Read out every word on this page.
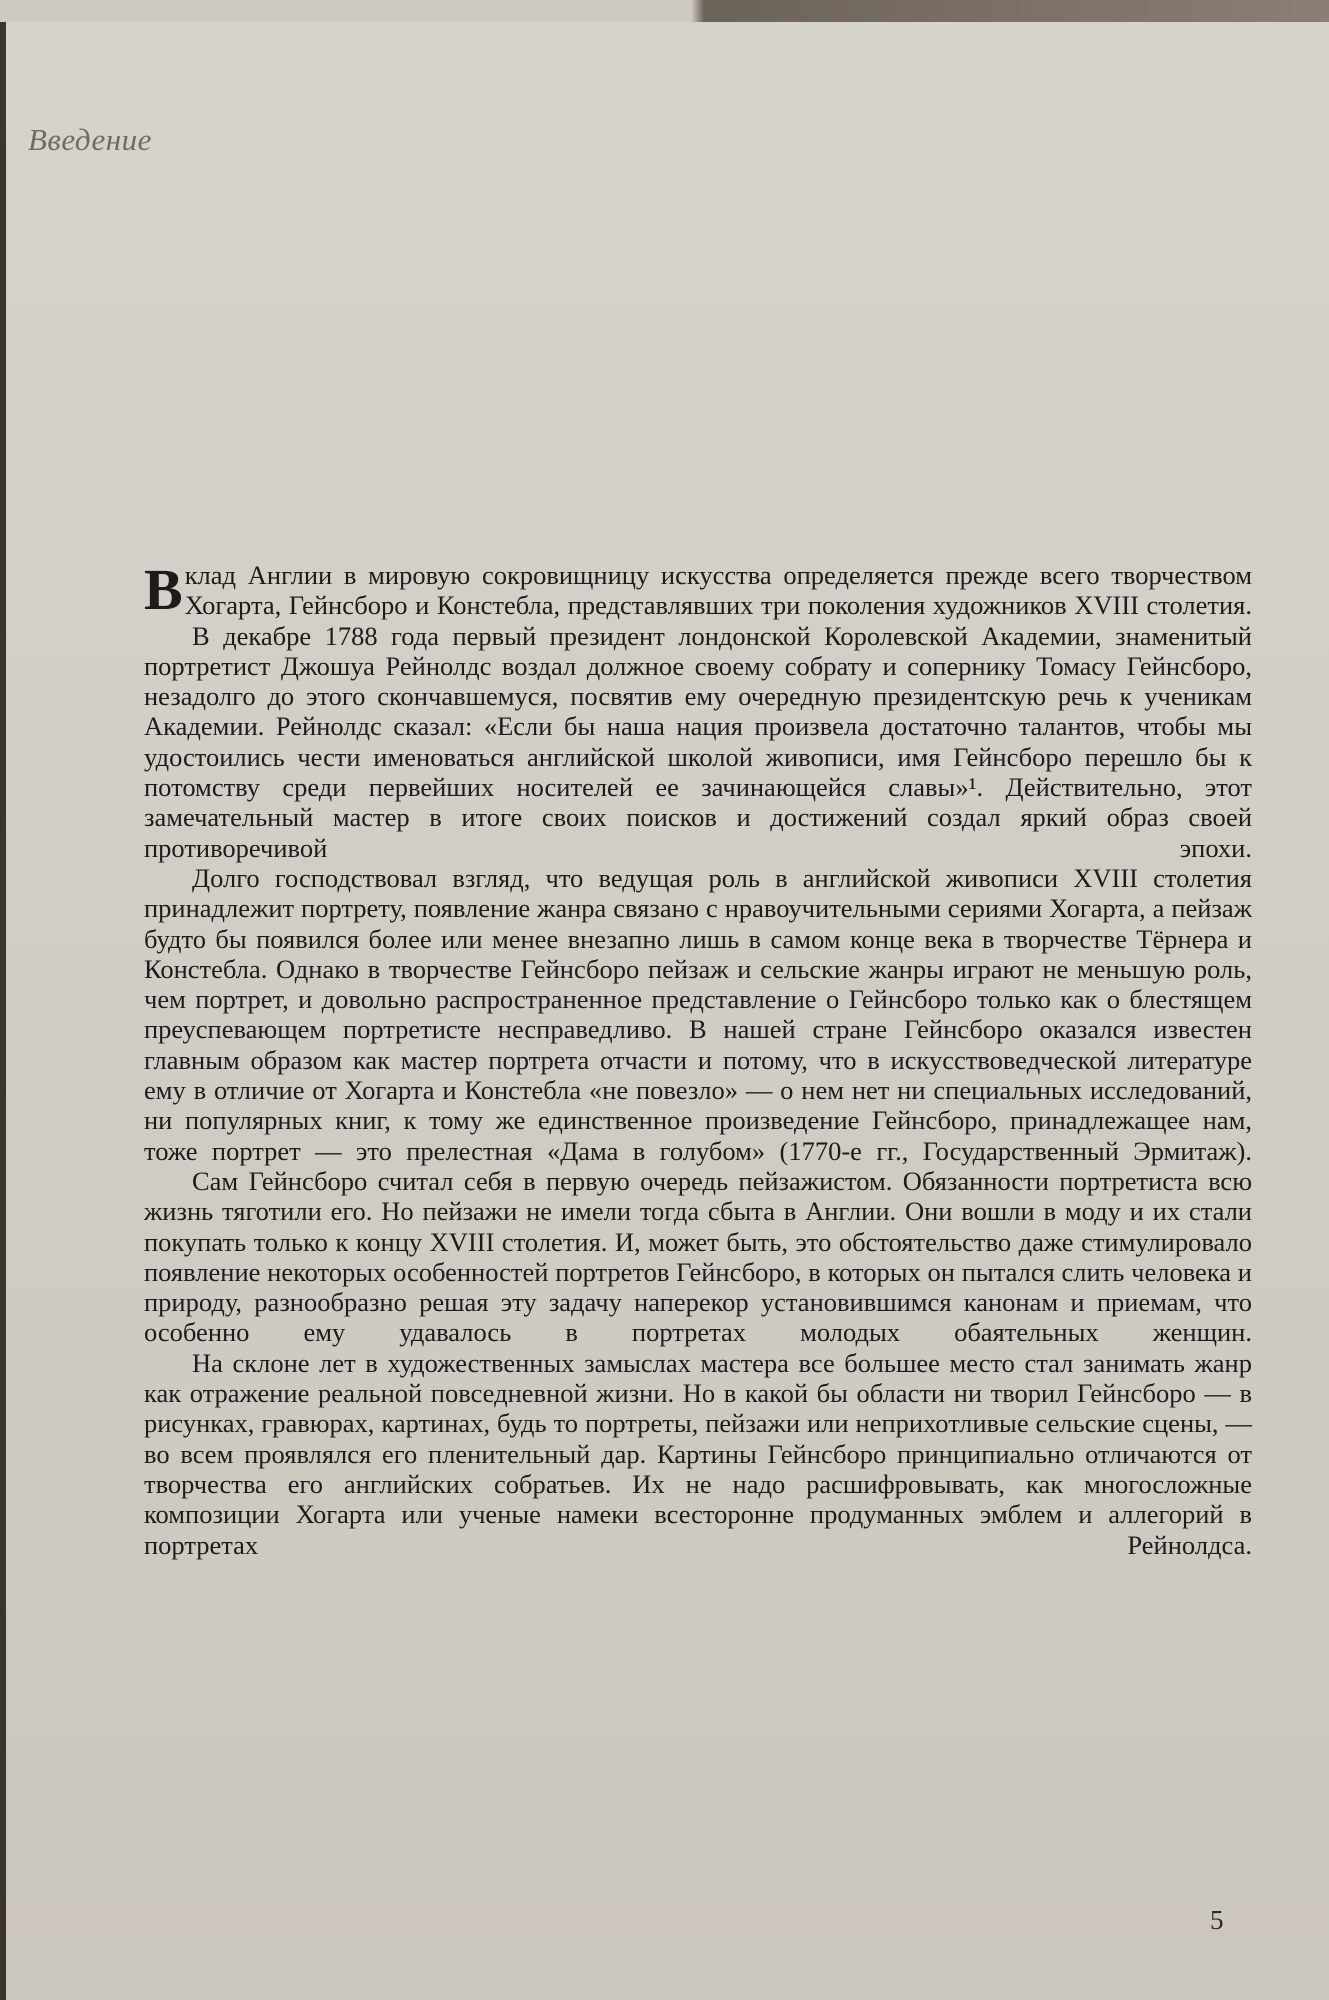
Введение

Вклад Англии в мировую сокровищницу искусства определяется прежде всего творчеством Хогарта, Гейнсборо и Констебла, представлявших три поколения художников XVIII столетия.

В декабре 1788 года первый президент лондонской Королевской Академии, знаменитый портретист Джошуа Рейнолдс воздал должное своему собрату и сопернику Томасу Гейнсборо, незадолго до этого скончавшемуся, посвятив ему очередную президентскую речь к ученикам Академии. Рейнолдс сказал: «Если бы наша нация произвела достаточно талантов, чтобы мы удостоились чести именоваться английской школой живописи, имя Гейнсборо перешло бы к потомству среди первейших носителей ее зачинающейся славы»¹. Действительно, этот замечательный мастер в итоге своих поисков и достижений создал яркий образ своей противоречивой эпохи.

Долго господствовал взгляд, что ведущая роль в английской живописи XVIII столетия принадлежит портрету, появление жанра связано с нравоучительными сериями Хогарта, а пейзаж будто бы появился более или менее внезапно лишь в самом конце века в творчестве Тёрнера и Констебла. Однако в творчестве Гейнсборо пейзаж и сельские жанры играют не меньшую роль, чем портрет, и довольно распространенное представление о Гейнсборо только как о блестящем преуспевающем портретисте несправедливо. В нашей стране Гейнсборо оказался известен главным образом как мастер портрета отчасти и потому, что в искусствоведческой литературе ему в отличие от Хогарта и Констебла «не повезло» — о нем нет ни специальных исследований, ни популярных книг, к тому же единственное произведение Гейнсборо, принадлежащее нам, тоже портрет — это прелестная «Дама в голубом» (1770-е гг., Государственный Эрмитаж).

Сам Гейнсборо считал себя в первую очередь пейзажистом. Обязанности портретиста всю жизнь тяготили его. Но пейзажи не имели тогда сбыта в Англии. Они вошли в моду и их стали покупать только к концу XVIII столетия. И, может быть, это обстоятельство даже стимулировало появление некоторых особенностей портретов Гейнсборо, в которых он пытался слить человека и природу, разнообразно решая эту задачу наперекор установившимся канонам и приемам, что особенно ему удавалось в портретах молодых обаятельных женщин.

На склоне лет в художественных замыслах мастера все большее место стал занимать жанр как отражение реальной повседневной жизни. Но в какой бы области ни творил Гейнсборо — в рисунках, гравюрах, картинах, будь то портреты, пейзажи или неприхотливые сельские сцены, — во всем проявлялся его пленительный дар. Картины Гейнсборо принципиально отличаются от творчества его английских собратьев. Их не надо расшифровывать, как многосложные композиции Хогарта или ученые намеки всесторонне продуманных эмблем и аллегорий в портретах Рейнолдса.

5
